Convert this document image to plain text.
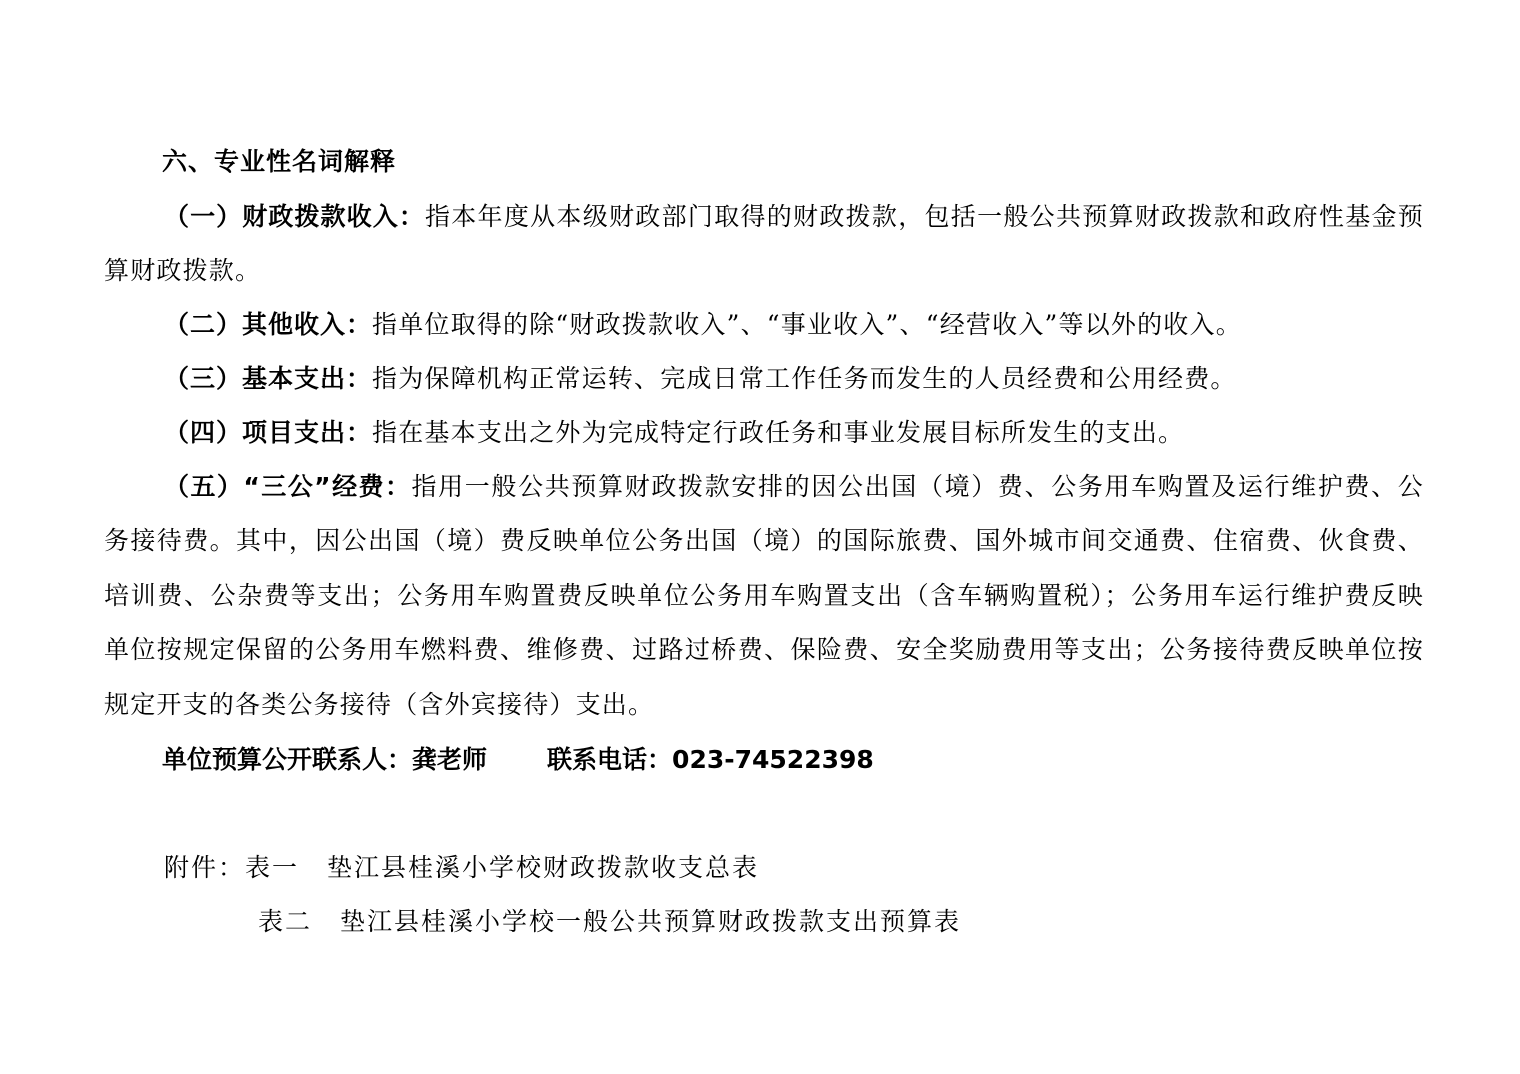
六、专业性名词解释

（一）财政拨款收入：指本年度从本级财政部门取得的财政拨款，包括一般公共预算财政拨款和政府性基金预算财政拨款。

（二）其他收入：指单位取得的除“财政拨款收入”、“事业收入”、“经营收入”等以外的收入。

（三）基本支出：指为保障机构正常运转、完成日常工作任务而发生的人员经费和公用经费。

（四）项目支出：指在基本支出之外为完成特定行政任务和事业发展目标所发生的支出。

（五）“三公”经费：指用一般公共预算财政拨款安排的因公出国（境）费、公务用车购置及运行维护费、公务接待费。其中，因公出国（境）费反映单位公务出国（境）的国际旅费、国外城市间交通费、住宿费、伙食费、培训费、公杂费等支出；公务用车购置费反映单位公务用车购置支出（含车辆购置税）；公务用车运行维护费反映单位按规定保留的公务用车燃料费、维修费、过路过桥费、保险费、安全奖励费用等支出；公务接待费反映单位按规定开支的各类公务接待（含外宾接待）支出。

单位预算公开联系人：龚老师 联系电话：023-74522398
附件：表一 垫江县桂溪小学校财政拨款收支总表
表二 垫江县桂溪小学校一般公共预算财政拨款支出预算表
